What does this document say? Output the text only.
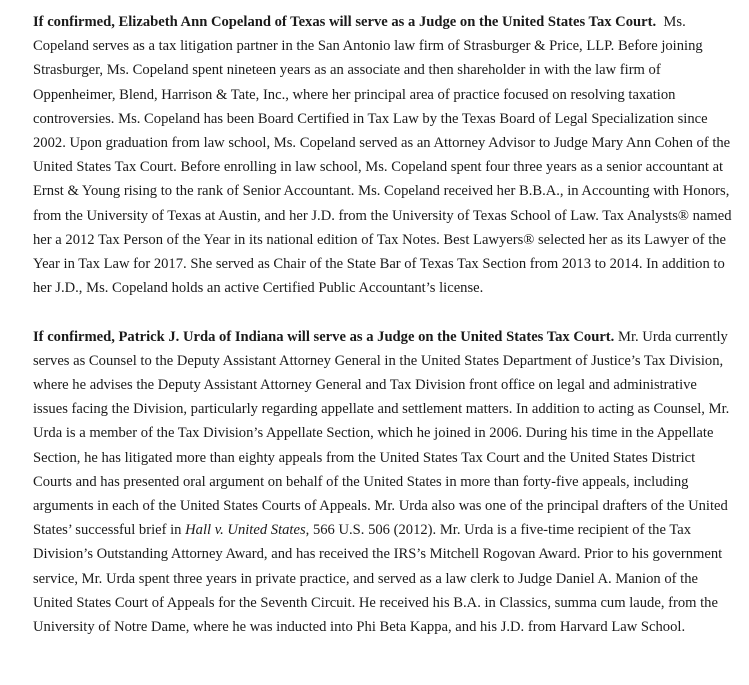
If confirmed, Elizabeth Ann Copeland of Texas will serve as a Judge on the United States Tax Court. Ms. Copeland serves as a tax litigation partner in the San Antonio law firm of Strasburger & Price, LLP. Before joining Strasburger, Ms. Copeland spent nineteen years as an associate and then shareholder in with the law firm of Oppenheimer, Blend, Harrison & Tate, Inc., where her principal area of practice focused on resolving taxation controversies. Ms. Copeland has been Board Certified in Tax Law by the Texas Board of Legal Specialization since 2002. Upon graduation from law school, Ms. Copeland served as an Attorney Advisor to Judge Mary Ann Cohen of the United States Tax Court. Before enrolling in law school, Ms. Copeland spent four three years as a senior accountant at Ernst & Young rising to the rank of Senior Accountant. Ms. Copeland received her B.B.A., in Accounting with Honors, from the University of Texas at Austin, and her J.D. from the University of Texas School of Law. Tax Analysts® named her a 2012 Tax Person of the Year in its national edition of Tax Notes. Best Lawyers® selected her as its Lawyer of the Year in Tax Law for 2017. She served as Chair of the State Bar of Texas Tax Section from 2013 to 2014. In addition to her J.D., Ms. Copeland holds an active Certified Public Accountant’s license.

If confirmed, Patrick J. Urda of Indiana will serve as a Judge on the United States Tax Court. Mr. Urda currently serves as Counsel to the Deputy Assistant Attorney General in the United States Department of Justice’s Tax Division, where he advises the Deputy Assistant Attorney General and Tax Division front office on legal and administrative issues facing the Division, particularly regarding appellate and settlement matters. In addition to acting as Counsel, Mr. Urda is a member of the Tax Division’s Appellate Section, which he joined in 2006. During his time in the Appellate Section, he has litigated more than eighty appeals from the United States Tax Court and the United States District Courts and has presented oral argument on behalf of the United States in more than forty-five appeals, including arguments in each of the United States Courts of Appeals. Mr. Urda also was one of the principal drafters of the United States’ successful brief in Hall v. United States, 566 U.S. 506 (2012). Mr. Urda is a five-time recipient of the Tax Division’s Outstanding Attorney Award, and has received the IRS’s Mitchell Rogovan Award. Prior to his government service, Mr. Urda spent three years in private practice, and served as a law clerk to Judge Daniel A. Manion of the United States Court of Appeals for the Seventh Circuit. He received his B.A. in Classics, summa cum laude, from the University of Notre Dame, where he was inducted into Phi Beta Kappa, and his J.D. from Harvard Law School.
